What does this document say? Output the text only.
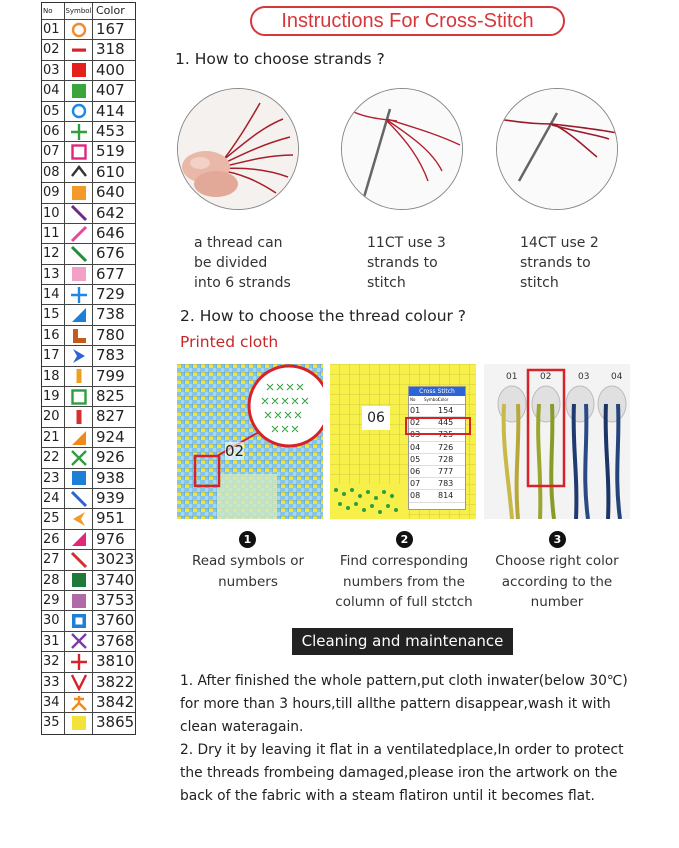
No	Symbol Color
01	167
02	318
03	400
04	407
05	414
06	453
07	519
08	610
09	640
10	642
11	646
12	676
13	677
14	729
15	738
16	780
17	783
18	799
19	825
20	827
21	924
22	926
23	938
24	939
25	951
26	976
27	3023
28	3740
29	3753
30	3760
31	3768
32	3810
33	3822
34	3842
35	3865
Instructions For Cross-Stitch
1. How to choose strands ?
a thread can
be divided
into 6 strands
11CT use 3
strands to
stitch
14CT use 2
strands to
stitch
2. How to choose the thread colour ?
Printed cloth
02
06
Cross Stitch
No	Symbol Color
01	154
02	445
03	725
04	726
05	728
06	777
07	783
08	814
01	02	03 04
1	2	3
Read symbols or
numbers
Find corresponding
numbers from the
column of full stctch
Choose right color
according to the
number
Cleaning and maintenance
1. After finished the whole pattern,put cloth inwater(below 30℃)
for more than 3 hours,till allthe pattern disappear,wash it with
clean wateragain.
2. Dry it by leaving it flat in a ventilatedplace,In order to protect
the threads frombeing damaged,please iron the artwork on the
back of the fabric with a steam flatiron until it becomes flat.
